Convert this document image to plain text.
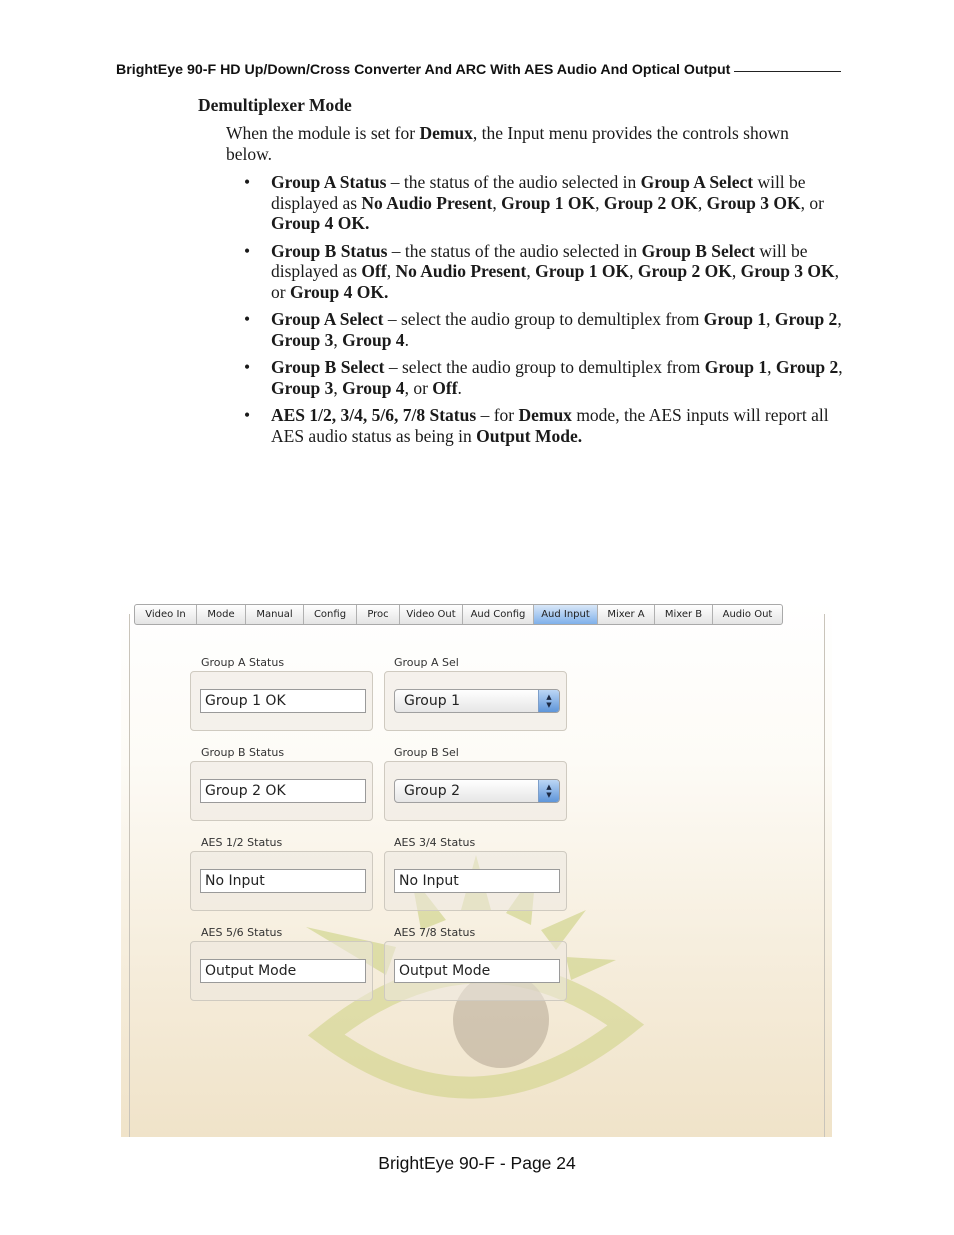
BrightEye 90-F HD Up/Down/Cross Converter And ARC With AES Audio And Optical Output
Demultiplexer Mode
When the module is set for Demux, the Input menu provides the controls shown below.
• Group A Status – the status of the audio selected in Group A Select will be displayed as No Audio Present, Group 1 OK, Group 2 OK, Group 3 OK, or Group 4 OK.
• Group B Status – the status of the audio selected in Group B Select will be displayed as Off, No Audio Present, Group 1 OK, Group 2 OK, Group 3 OK, or Group 4 OK.
• Group A Select – select the audio group to demultiplex from Group 1, Group 2, Group 3, Group 4.
• Group B Select – select the audio group to demultiplex from Group 1, Group 2, Group 3, Group 4, or Off.
• AES 1/2, 3/4, 5/6, 7/8 Status – for Demux mode, the AES inputs will report all AES audio status as being in Output Mode.
Video In	Mode	Manual	Config	Proc	Video Out	Aud Config	Aud Input	Mixer A	Mixer B	Audio Out
Group A Status
Group 1 OK
Group A Sel
Group 1	▲
▼
Group B Status
Group 2 OK
Group B Sel
Group 2	▲
▼
AES 1/2 Status
No Input
AES 3/4 Status
No Input
AES 5/6 Status
Output Mode
AES 7/8 Status
Output Mode
BrightEye 90-F - Page 24
